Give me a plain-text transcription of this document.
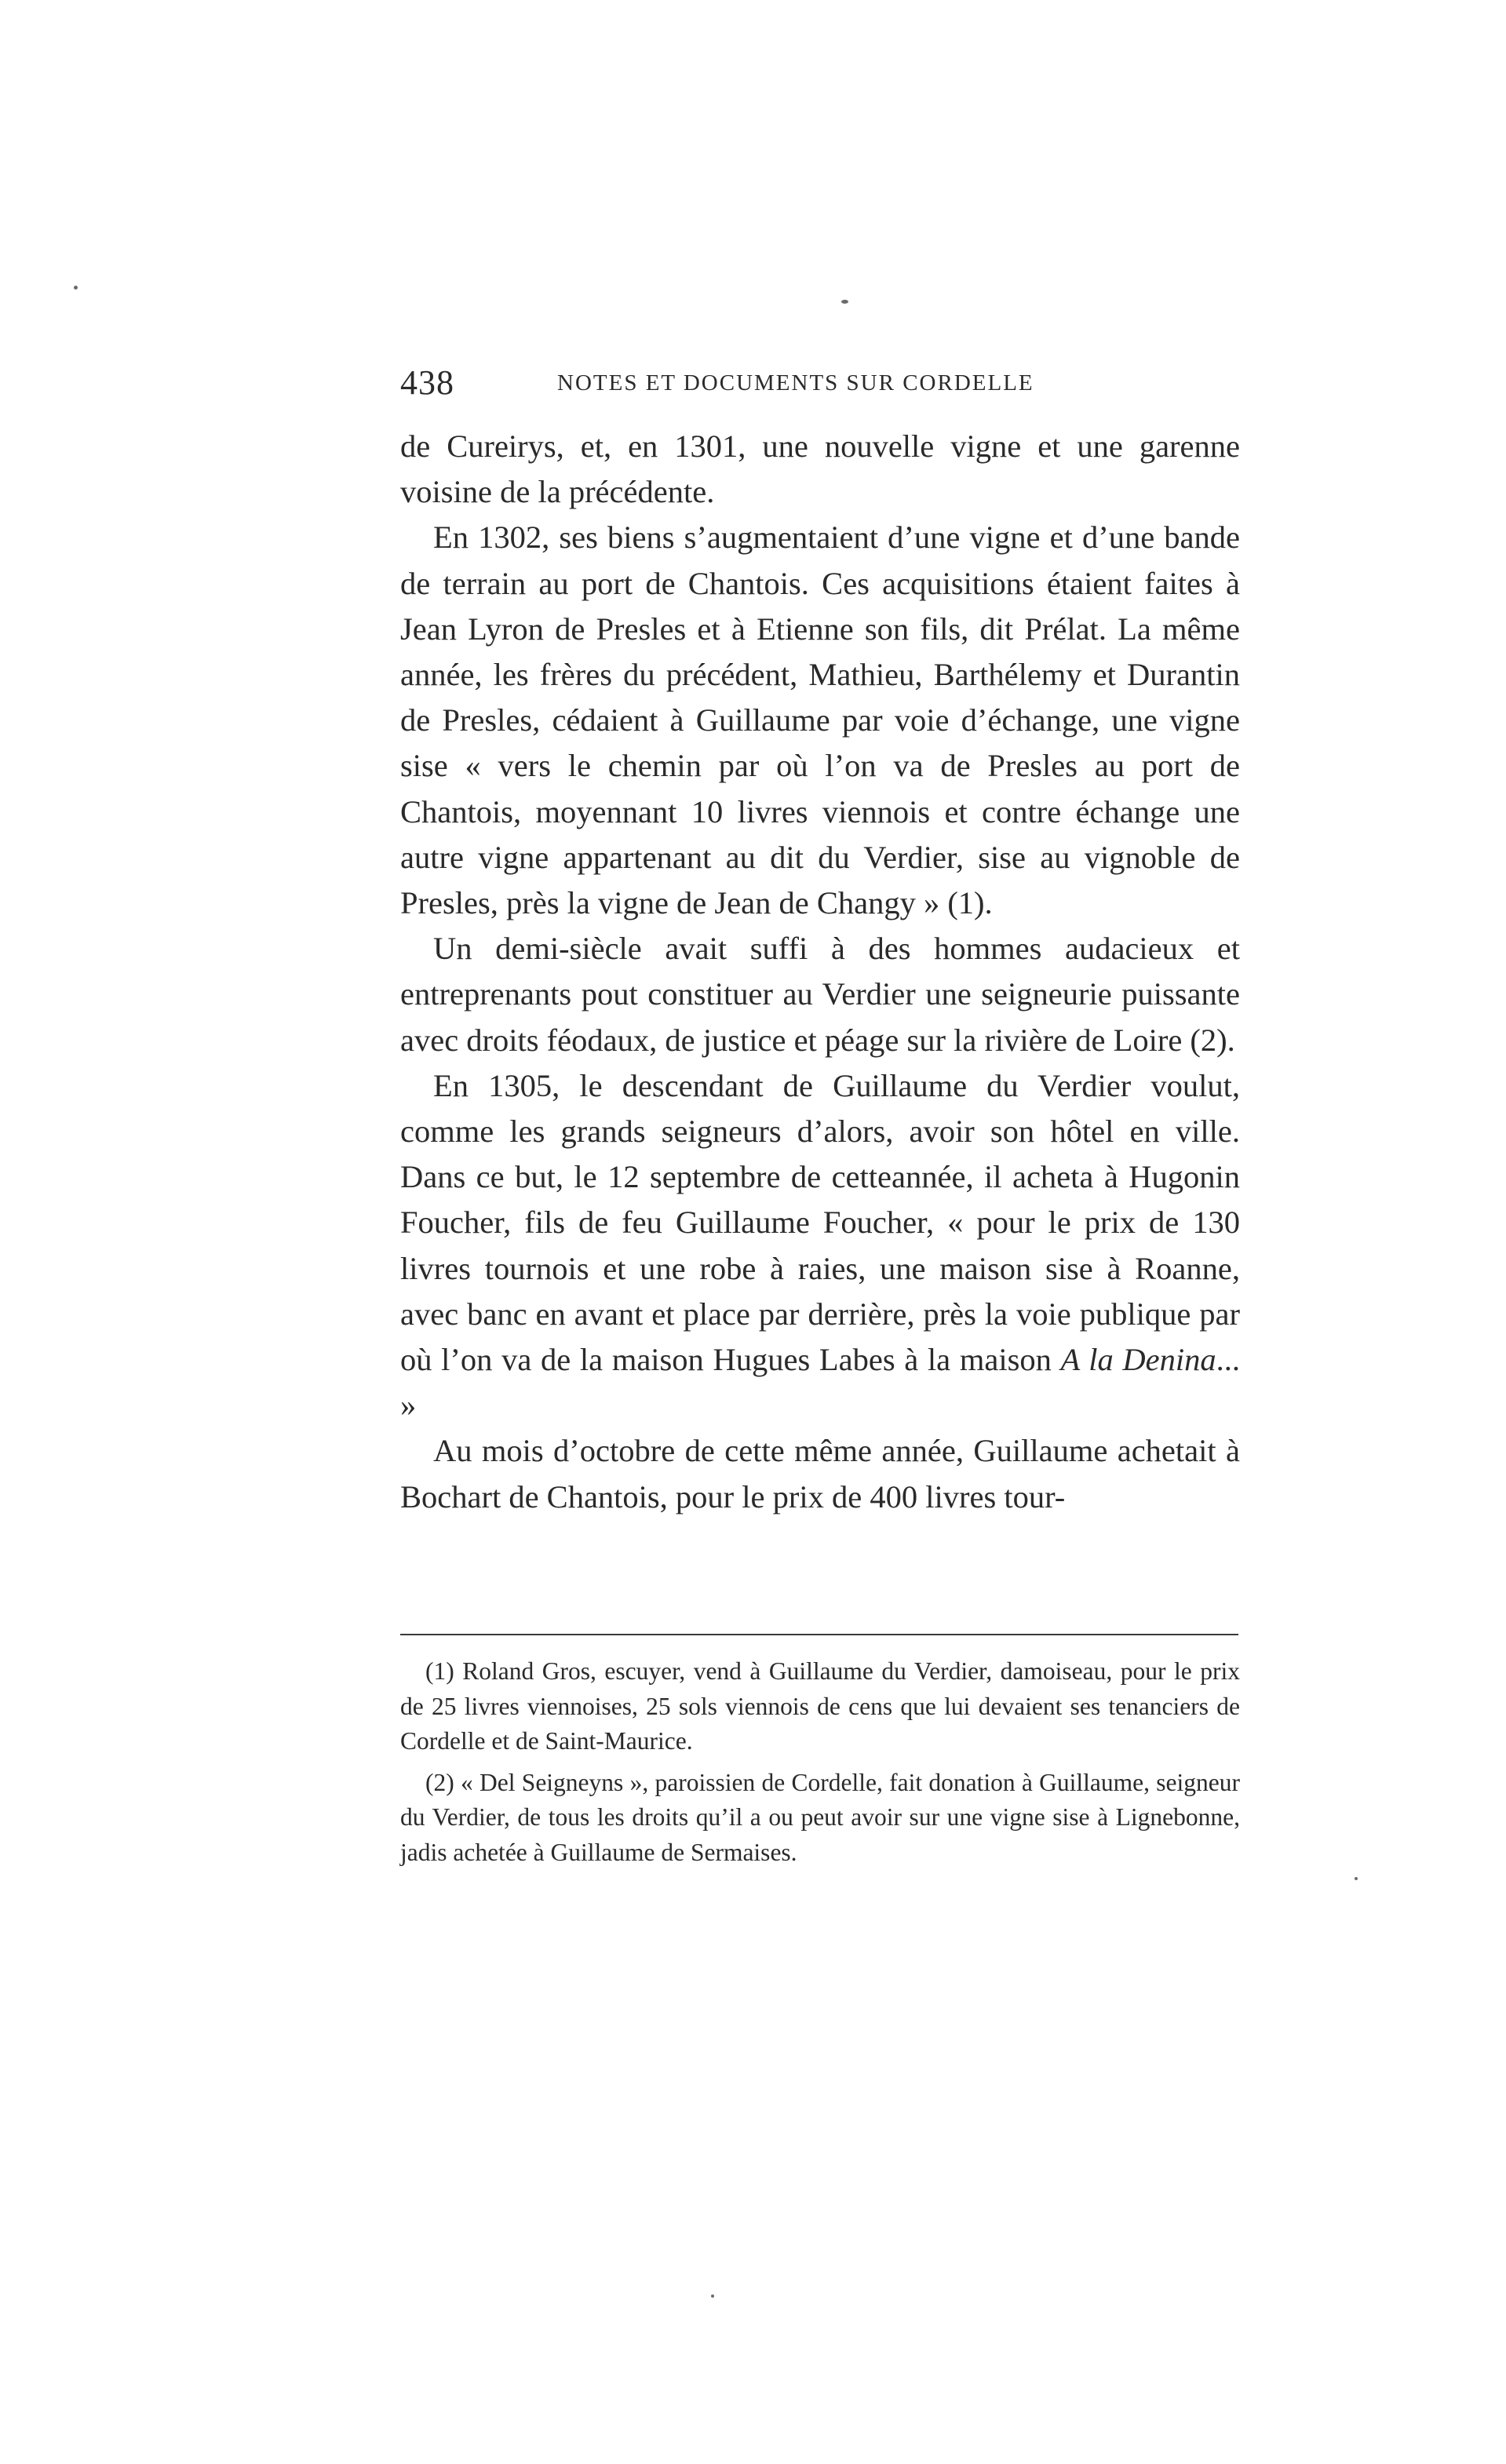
438	NOTES ET DOCUMENTS SUR CORDELLE

de Cureirys, et, en 1301, une nouvelle vigne et une garenne voisine de la précédente.

En 1302, ses biens s’augmentaient d’une vigne et d’une bande de terrain au port de Chantois. Ces acquisitions étaient faites à Jean Lyron de Presles et à Etienne son fils, dit Prélat. La même année, les frères du précédent, Mathieu, Barthélemy et Durantin de Presles, cédaient à Guillaume par voie d’échange, une vigne sise « vers le chemin par où l’on va de Presles au port de Chantois, moyennant 10 livres viennois et contre échange une autre vigne appartenant au dit du Verdier, sise au vignoble de Presles, près la vigne de Jean de Changy » (1).

Un demi-siècle avait suffi à des hommes audacieux et entreprenants pout constituer au Verdier une seigneurie puissante avec droits féodaux, de justice et péage sur la rivière de Loire (2).

En 1305, le descendant de Guillaume du Verdier voulut, comme les grands seigneurs d’alors, avoir son hôtel en ville. Dans ce but, le 12 septembre de cetteannée, il acheta à Hugonin Foucher, fils de feu Guillaume Foucher, « pour le prix de 130 livres tournois et une robe à raies, une maison sise à Roanne, avec banc en avant et place par derrière, près la voie publique par où l’on va de la maison Hugues Labes à la maison A la Denina... »

Au mois d’octobre de cette même année, Guillaume achetait à Bochart de Chantois, pour le prix de 400 livres tour-

(1) Roland Gros, escuyer, vend à Guillaume du Verdier, damoiseau, pour le prix de 25 livres viennoises, 25 sols viennois de cens que lui devaient ses tenanciers de Cordelle et de Saint-Maurice.

(2) « Del Seigneyns », paroissien de Cordelle, fait donation à Guillaume, seigneur du Verdier, de tous les droits qu’il a ou peut avoir sur une vigne sise à Lignebonne, jadis achetée à Guillaume de Sermaises.
